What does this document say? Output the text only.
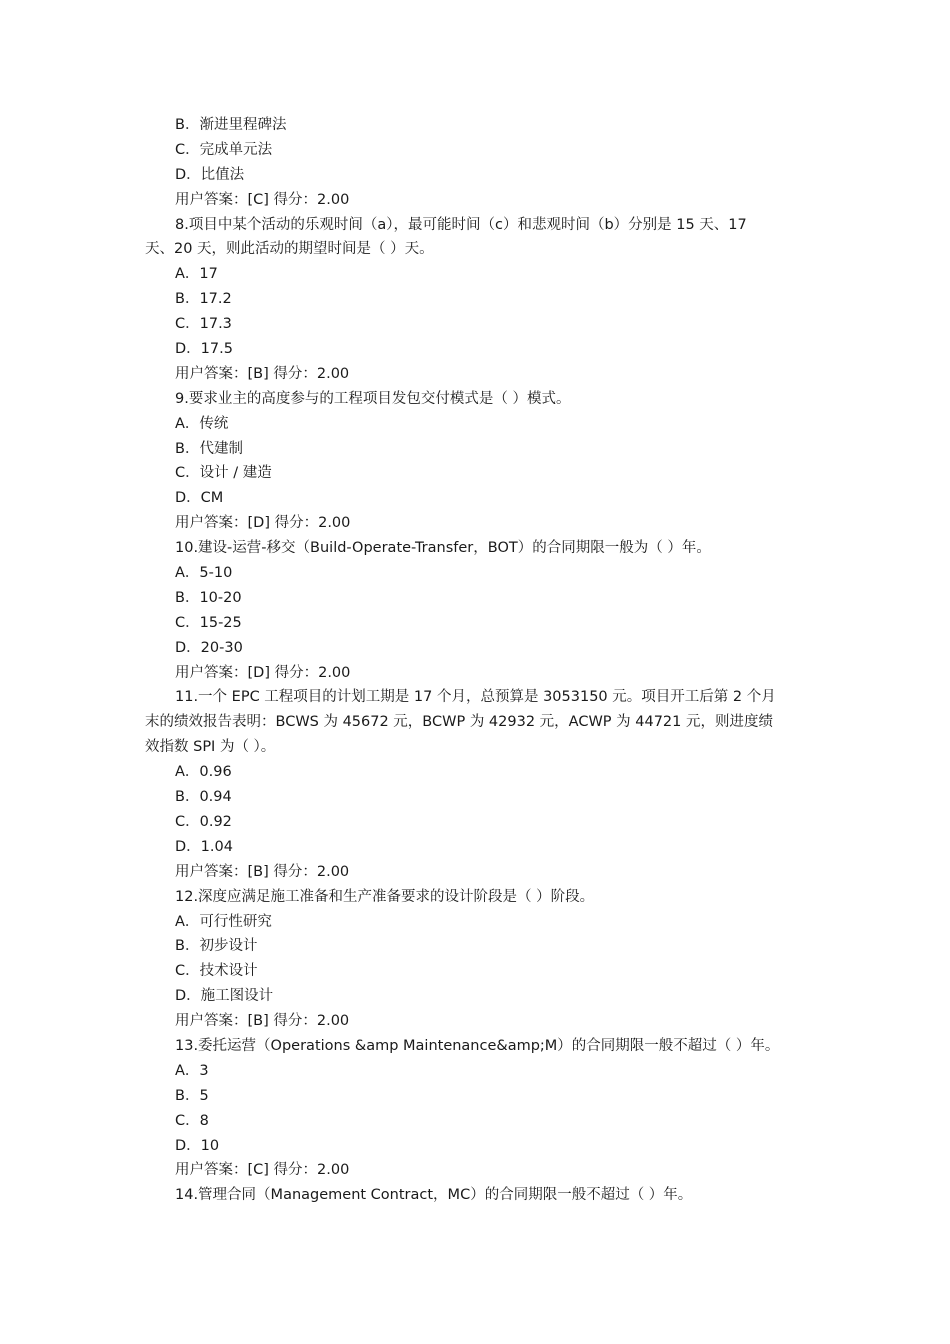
B．渐进里程碑法
C．完成单元法
D．比值法
用户答案：[C] 得分：2.00
8.项目中某个活动的乐观时间（a），最可能时间（c）和悲观时间（b）分别是 15 天、17
天、20 天，则此活动的期望时间是（ ）天。
A．17
B．17.2
C．17.3
D．17.5
用户答案：[B] 得分：2.00
9.要求业主的高度参与的工程项目发包交付模式是（ ）模式。
A．传统
B．代建制
C．设计 / 建造
D．CM
用户答案：[D] 得分：2.00
10.建设-运营-移交（Build-Operate-Transfer，BOT）的合同期限一般为（ ）年。
A．5-10
B．10-20
C．15-25
D．20-30
用户答案：[D] 得分：2.00
11.一个 EPC 工程项目的计划工期是 17 个月，总预算是 3053150 元。项目开工后第 2 个月
末的绩效报告表明：BCWS 为 45672 元，BCWP 为 42932 元，ACWP 为 44721 元，则进度绩
效指数 SPI 为（ ）。
A．0.96
B．0.94
C．0.92
D．1.04
用户答案：[B] 得分：2.00
12.深度应满足施工准备和生产准备要求的设计阶段是（ ）阶段。
A．可行性研究
B．初步设计
C．技术设计
D．施工图设计
用户答案：[B] 得分：2.00
13.委托运营（Operations &amp Maintenance&amp;M）的合同期限一般不超过（ ）年。
A．3
B．5
C．8
D．10
用户答案：[C] 得分：2.00
14.管理合同（Management Contract，MC）的合同期限一般不超过（ ）年。
